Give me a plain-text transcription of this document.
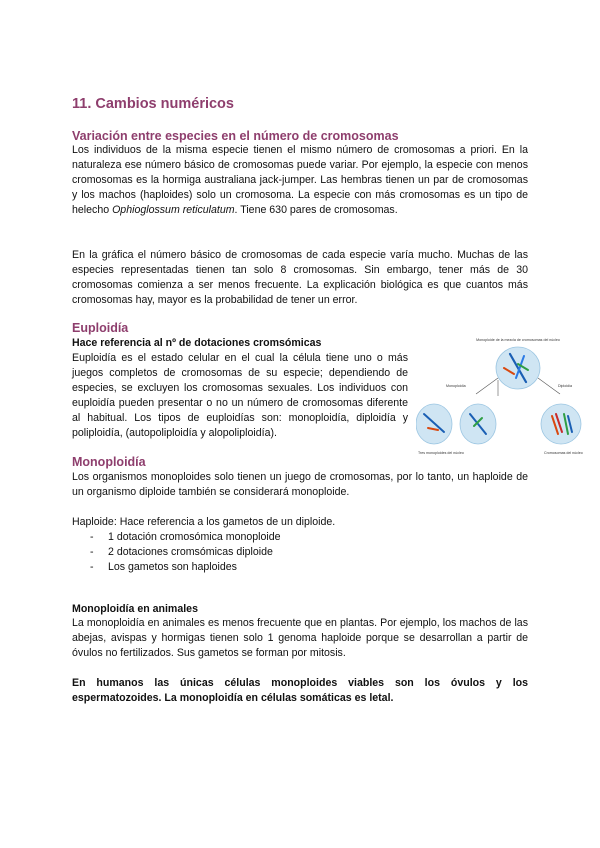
11. Cambios numéricos
Variación entre especies en el número de cromosomas

Los individuos de la misma especie tienen el mismo número de cromosomas a priori. En la naturaleza ese número básico de cromosomas puede variar. Por ejemplo, la especie con menos cromosomas es la hormiga australiana jack-jumper. Las hembras tienen un par de cromosomas y los machos (haploides) solo un cromosoma. La especie con más cromosomas es un tipo de helecho Ophioglossum reticulatum. Tiene 630 pares de cromosomas.

En la gráfica el número básico de cromosomas de cada especie varía mucho. Muchas de las especies representadas tienen tan solo 8 cromosomas. Sin embargo, tener más de 30 cromosomas comienza a ser menos frecuente. La explicación biológica es que cuantos más cromosomas hay, mayor es la probabilidad de tener un error.

Euploidía
Hace referencia al nº de dotaciones cromsómicas

Euploidía es el estado celular en el cual la célula tiene uno o más juegos completos de cromosomas de su especie; dependiendo de especies, se excluyen los cromosomas sexuales. Los individuos con euploidía pueden presentar o no un número de cromosomas diferente al habitual. Los tipos de euploidías son: monoploidía, diploidía y poliploidía, (autopoliploidía y alopoliploidía).

Monoploide de la mezcla de cromosomas del núcleo
Monoploidía	Diploidía
Tres monoploides del núcleo	Cromosomas del núcleo
Monoploidía

Los organismos monoploides solo tienen un juego de cromosomas, por lo tanto, un haploide de un organismo diploide también se considerará monoploide.

Haploide: Hace referencia a los gametos de un diploide.

- 1 dotación cromosómica monoploide
- 2 dotaciones cromsómicas diploide
- Los gametos son haploides
Monoploidía en animales

La monoploidía en animales es menos frecuente que en plantas. Por ejemplo, los machos de las abejas, avispas y hormigas tienen solo 1 genoma haploide porque se desarrollan a partir de óvulos no fertilizados. Sus gametos se forman por mitosis.

En humanos las únicas células monoploides viables son los óvulos y los espermatozoides. La monoploidía en células somáticas es letal.
